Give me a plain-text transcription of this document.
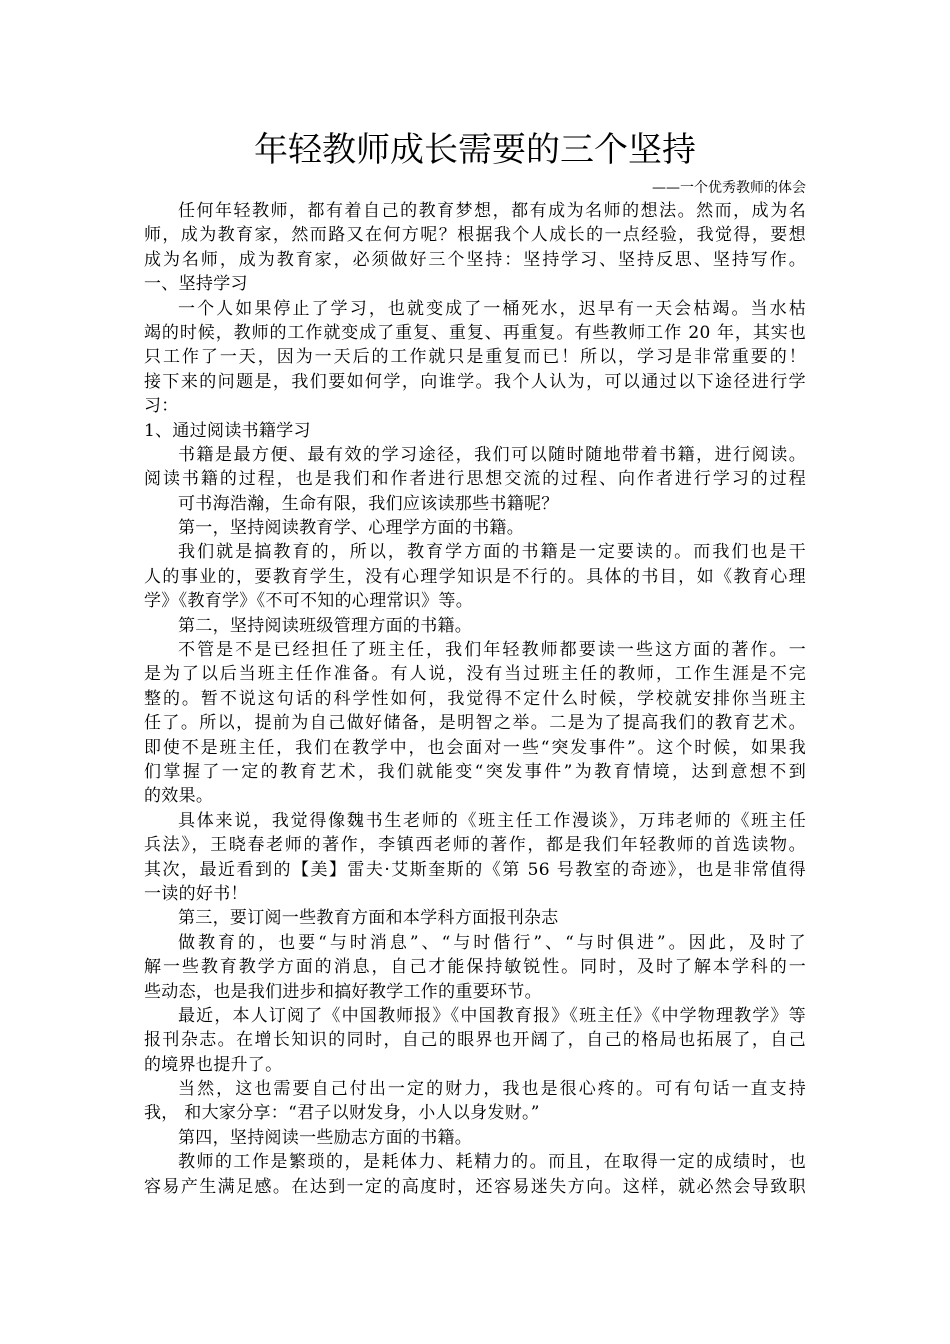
年轻教师成长需要的三个坚持
——一个优秀教师的体会
任何年轻教师，都有着自己的教育梦想，都有成为名师的想法。然而，成为名
师，成为教育家，然而路又在何方呢？根据我个人成长的一点经验，我觉得，要想
成为名师，成为教育家，必须做好三个坚持：坚持学习、坚持反思、坚持写作。
一、坚持学习
一个人如果停止了学习，也就变成了一桶死水，迟早有一天会枯竭。当水枯
竭的时候，教师的工作就变成了重复、重复、再重复。有些教师工作 20 年，其实也
只工作了一天，因为一天后的工作就只是重复而已！所以，学习是非常重要的！
接下来的问题是，我们要如何学，向谁学。我个人认为，可以通过以下途径进行学
习：
1、通过阅读书籍学习
书籍是最方便、最有效的学习途径，我们可以随时随地带着书籍，进行阅读。
阅读书籍的过程，也是我们和作者进行思想交流的过程、向作者进行学习的过程
可书海浩瀚，生命有限，我们应该读那些书籍呢？
第一，坚持阅读教育学、心理学方面的书籍。
我们就是搞教育的，所以，教育学方面的书籍是一定要读的。而我们也是干
人的事业的，要教育学生，没有心理学知识是不行的。具体的书目，如《教育心理
学》《教育学》《不可不知的心理常识》等。
第二，坚持阅读班级管理方面的书籍。
不管是不是已经担任了班主任，我们年轻教师都要读一些这方面的著作。一
是为了以后当班主任作准备。有人说，没有当过班主任的教师，工作生涯是不完
整的。暂不说这句话的科学性如何，我觉得不定什么时候，学校就安排你当班主
任了。所以，提前为自己做好储备，是明智之举。二是为了提高我们的教育艺术。
即使不是班主任，我们在教学中，也会面对一些“突发事件”。这个时候，如果我
们掌握了一定的教育艺术，我们就能变“突发事件”为教育情境，达到意想不到
的效果。
具体来说，我觉得像魏书生老师的《班主任工作漫谈》，万玮老师的《班主任
兵法》，王晓春老师的著作，李镇西老师的著作，都是我们年轻教师的首选读物。
其次，最近看到的【美】雷夫·艾斯奎斯的《第 56 号教室的奇迹》，也是非常值得
一读的好书！
第三，要订阅一些教育方面和本学科方面报刊杂志
做教育的，也要“与时消息”、“与时偕行”、“与时俱进”。因此，及时了
解一些教育教学方面的消息，自己才能保持敏锐性。同时，及时了解本学科的一
些动态，也是我们进步和搞好教学工作的重要环节。
最近，本人订阅了《中国教师报》《中国教育报》《班主任》《中学物理教学》等
报刊杂志。在增长知识的同时，自己的眼界也开阔了，自己的格局也拓展了，自己
的境界也提升了。
当然，这也需要自己付出一定的财力，我也是很心疼的。可有句话一直支持
我， 和大家分享：“君子以财发身，小人以身发财。”
第四，坚持阅读一些励志方面的书籍。
教师的工作是繁琐的，是耗体力、耗精力的。而且，在取得一定的成绩时，也
容易产生满足感。在达到一定的高度时，还容易迷失方向。这样，就必然会导致职
